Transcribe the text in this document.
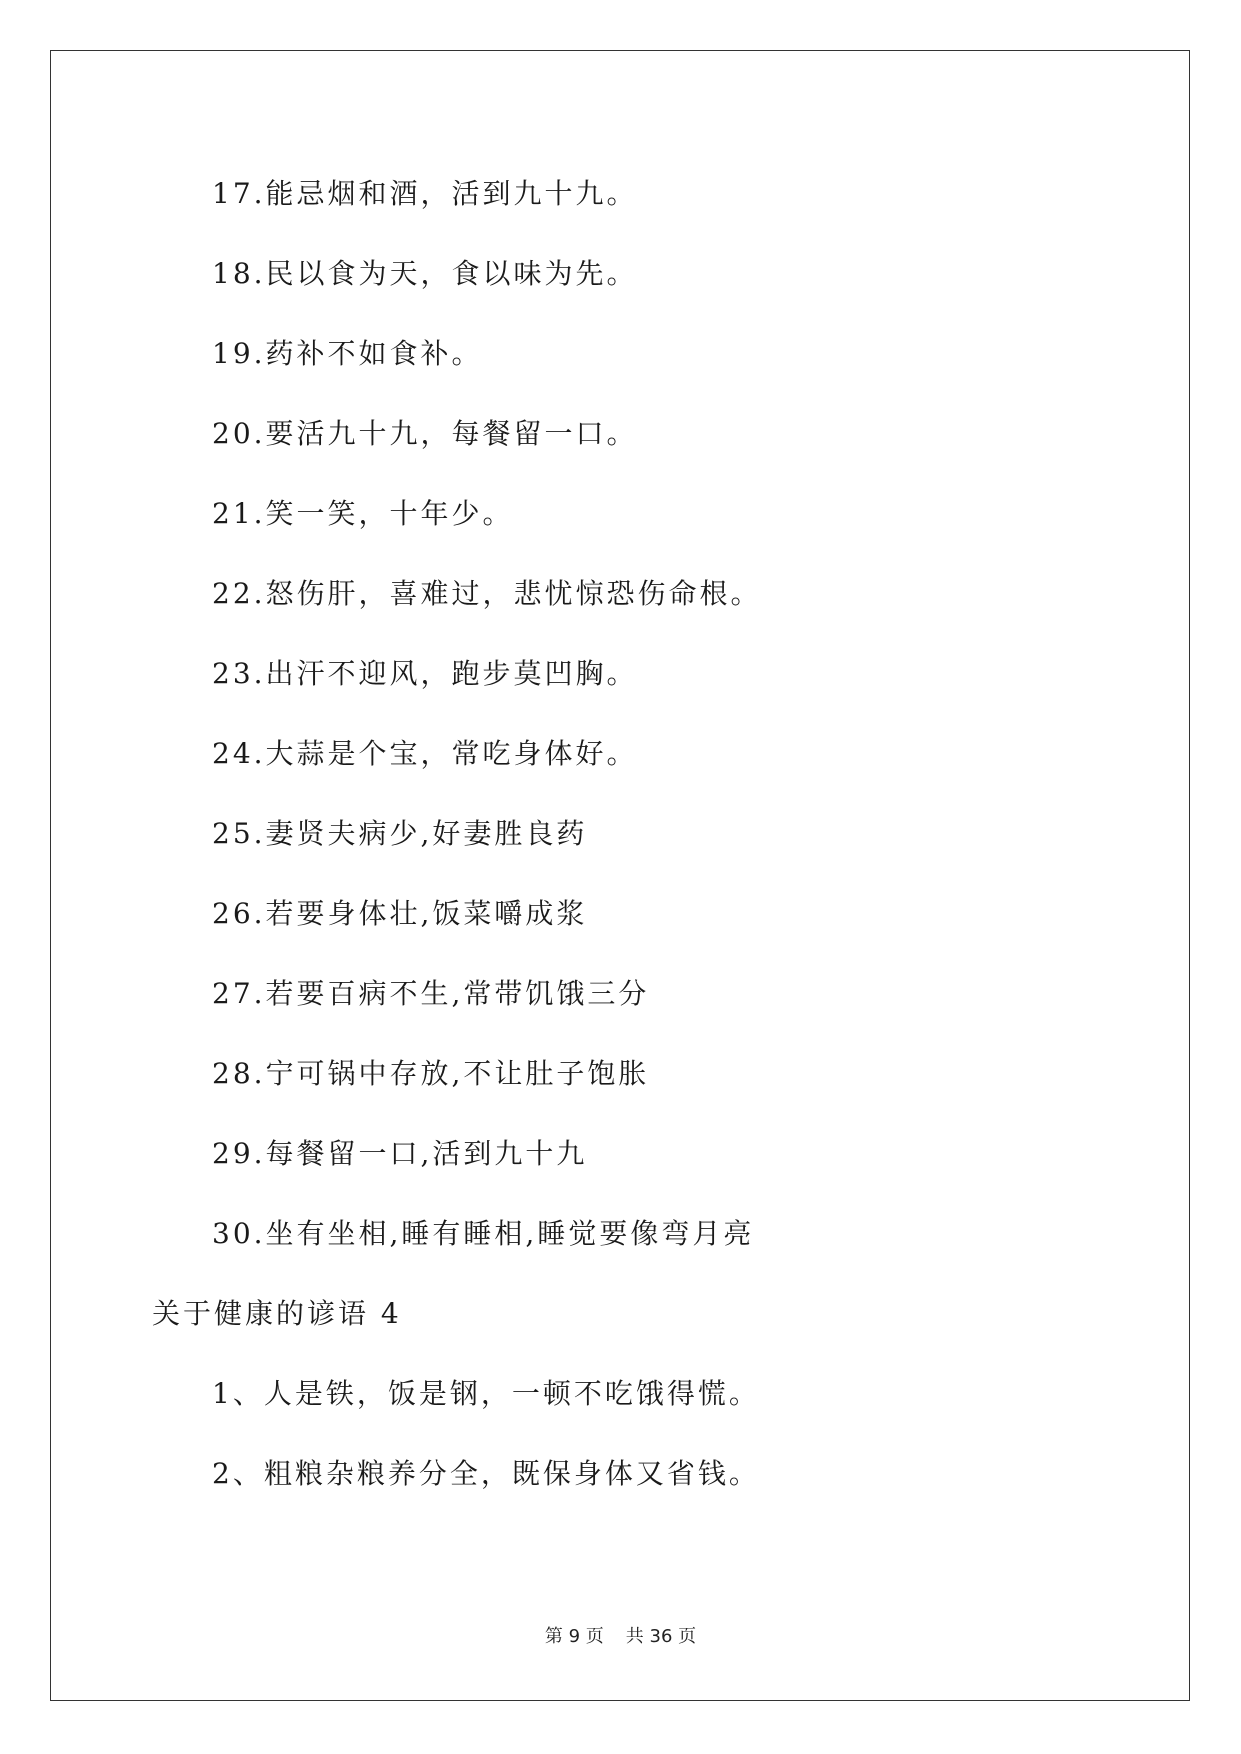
17.能忌烟和酒，活到九十九。
18.民以食为天，食以味为先。
19.药补不如食补。
20.要活九十九，每餐留一口。
21.笑一笑，十年少。
22.怒伤肝，喜难过，悲忧惊恐伤命根。
23.出汗不迎风，跑步莫凹胸。
24.大蒜是个宝，常吃身体好。
25.妻贤夫病少,好妻胜良药
26.若要身体壮,饭菜嚼成浆
27.若要百病不生,常带饥饿三分
28.宁可锅中存放,不让肚子饱胀
29.每餐留一口,活到九十九
30.坐有坐相,睡有睡相,睡觉要像弯月亮
关于健康的谚语 4
1、人是铁，饭是钢，一顿不吃饿得慌。
2、粗粮杂粮养分全，既保身体又省钱。
第 9 页 共 36 页
